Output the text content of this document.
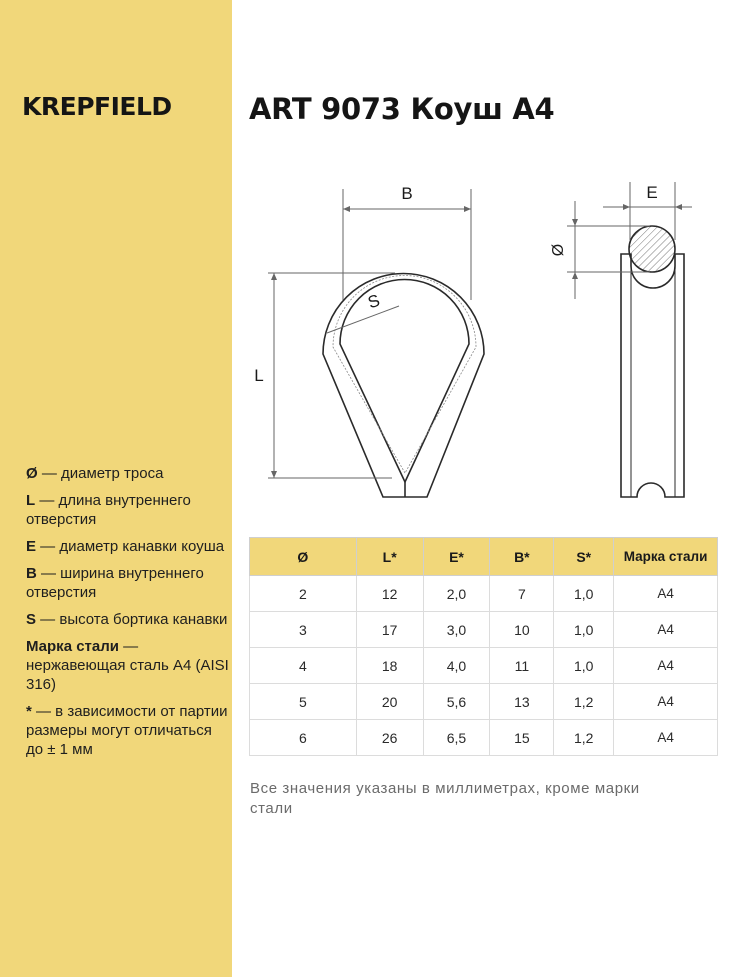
KREPFIELD	ART 9073 Коуш А4
B
L
S
E
Ø
Ø — диаметр троса
L — длина внутреннего отверстия
E — диаметр канавки коуша
B — ширина внутреннего отверстия
S — высота бортика канавки
Марка стали — нержавеющая сталь А4 (AISI 316)
* — в зависимости от партии размеры могут отличаться до ± 1 мм
Ø	L*	E*	B*	S*	Марка стали
2	12	2,0	7	1,0	А4
3	17	3,0	10	1,0	А4
4	18	4,0	11	1,0	А4
5	20	5,6	13	1,2	А4
6	26	6,5	15	1,2	А4
Все значения указаны в миллиметрах, кроме марки стали
